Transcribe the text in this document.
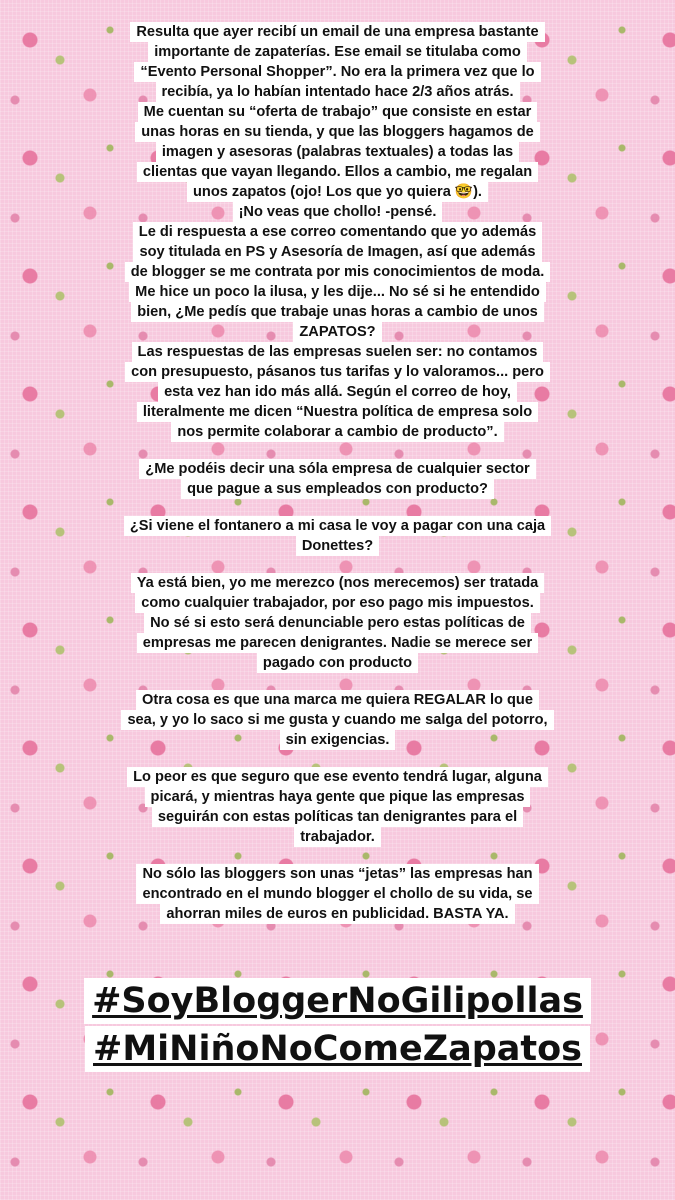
Resulta que ayer recibí un email de una empresa bastante
importante de zapaterías. Ese email se titulaba como
“Evento Personal Shopper”. No era la primera vez que lo
recibía, ya lo habían intentado hace 2/3 años atrás.
Me cuentan su “oferta de trabajo” que consiste en estar
unas horas en su tienda, y que las bloggers hagamos de
imagen y asesoras (palabras textuales) a todas las
clientas que vayan llegando. Ellos a cambio, me regalan
unos zapatos (ojo! Los que yo quiera 🤓).
¡No veas que chollo! -pensé.
Le di respuesta a ese correo comentando que yo además
soy titulada en PS y Asesoría de Imagen, así que además
de blogger se me contrata por mis conocimientos de moda.
Me hice un poco la ilusa, y les dije... No sé si he entendido
bien, ¿Me pedís que trabaje unas horas a cambio de unos
ZAPATOS?
Las respuestas de las empresas suelen ser: no contamos
con presupuesto, pásanos tus tarifas y lo valoramos... pero
esta vez han ido más allá. Según el correo de hoy,
literalmente me dicen “Nuestra política de empresa solo
nos permite colaborar a cambio de producto”.
¿Me podéis decir una sóla empresa de cualquier sector
que pague a sus empleados con producto?
¿Si viene el fontanero a mi casa le voy a pagar con una caja
Donettes?
Ya está bien, yo me merezco (nos merecemos) ser tratada
como cualquier trabajador, por eso pago mis impuestos.
No sé si esto será denunciable pero estas políticas de
empresas me parecen denigrantes. Nadie se merece ser
pagado con producto
Otra cosa es que una marca me quiera REGALAR lo que
sea, y yo lo saco si me gusta y cuando me salga del potorro,
sin exigencias.
Lo peor es que seguro que ese evento tendrá lugar, alguna
picará, y mientras haya gente que pique las empresas
seguirán con estas políticas tan denigrantes para el
trabajador.
No sólo las bloggers son unas “jetas” las empresas han
encontrado en el mundo blogger el chollo de su vida, se
ahorran miles de euros en publicidad. BASTA YA.
#SoyBloggerNoGilipollas
#MiNiñoNoComeZapatos
